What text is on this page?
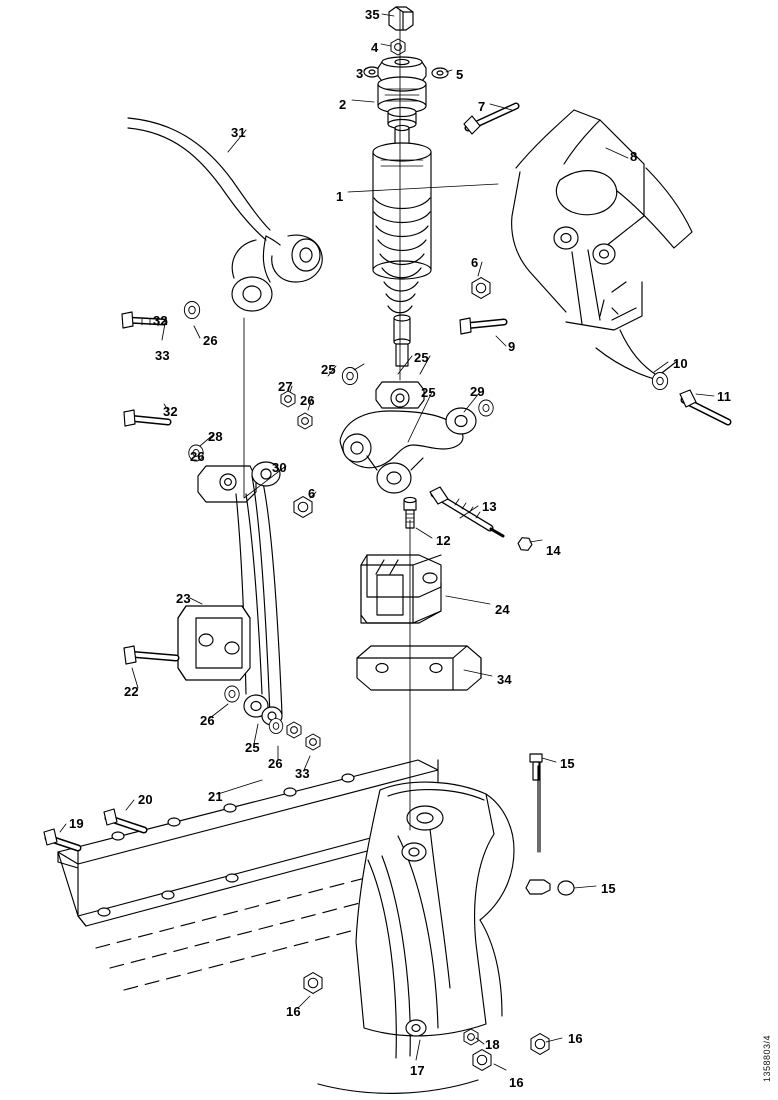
35
4
3	5
2	7
31
8
1
6
9
32
26
10
25
25
11
27
26
25	29
32
28
26
30
6
13
12
14
24
23
34
22
26
25
26
33
33
15
21
20
19
15
16
18	16
17
16
1358803/4
